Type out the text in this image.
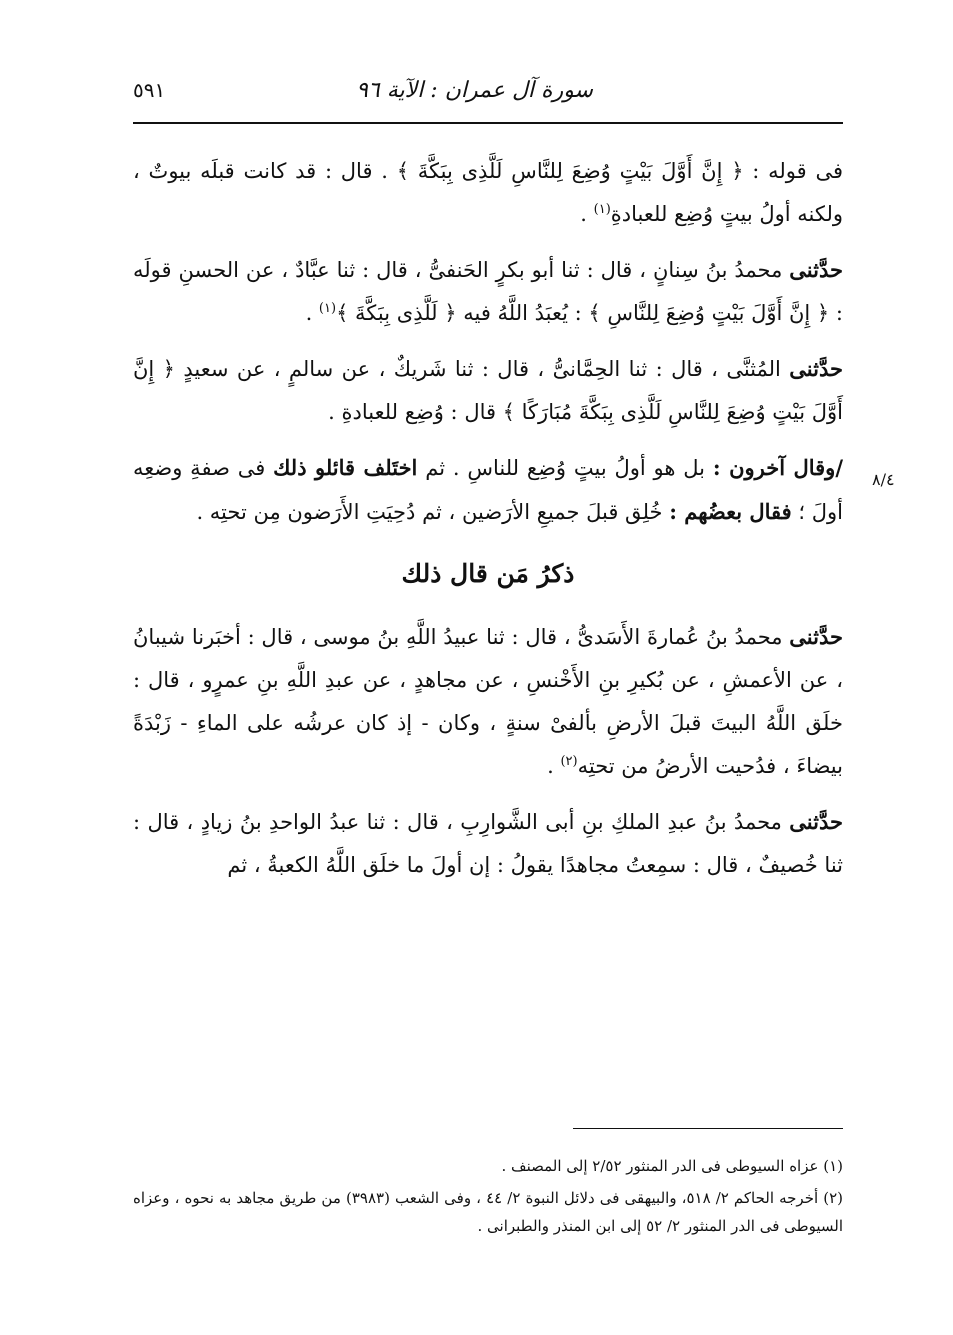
سورة آل عمران : الآية ٩٦
٥٩١
٨/٤

فى قوله : ﴿ إِنَّ أَوَّلَ بَيْتٍ وُضِعَ لِلنَّاسِ لَلَّذِى بِبَكَّةَ ﴾ . قال : قد كانت قبلَه بيوتٌ ، ولكنه أولُ بيتٍ وُضِع للعبادةِ$^{(١)}$ .

حدَّثنى محمدُ بنُ سِنانٍ ، قال : ثنا أبو بكرٍ الحَنفىُّ ، قال : ثنا عبَّادٌ ، عن الحسنِ قولَه : ﴿ إِنَّ أَوَّلَ بَيْتٍ وُضِعَ لِلنَّاسِ ﴾ : يُعبَدُ اللَّهُ فيه ﴿ لَلَّذِى بِبَكَّةَ ﴾$^{(١)}$ .

حدَّثنى المُثنَّى ، قال : ثنا الحِمَّانىُّ ، قال : ثنا شَريكٌ ، عن سالمٍ ، عن سعيدٍ ﴿ إِنَّ أَوَّلَ بَيْتٍ وُضِعَ لِلنَّاسِ لَلَّذِى بِبَكَّةَ مُبَارَكًا ﴾ قال : وُضِع للعبادةِ .

/وقال آخرون : بل هو أولُ بيتٍ وُضِع للناسِ . ثم اختَلف قائلو ذلك فى صفةِ وضعِه أولَ ؛ فقال بعضُهم : خُلِق قبلَ جميعِ الأرَضين ، ثم دُحِيَتِ الأَرَضون مِن تحتِه .

ذكرُ مَن قال ذلك

حدَّثنى محمدُ بنُ عُمارةَ الأَسَدىُّ ، قال : ثنا عبيدُ اللَّهِ بنُ موسى ، قال : أخبَرنا شيبانُ ، عن الأعمشِ ، عن بُكيرِ بنِ الأَخْنسِ ، عن مجاهدٍ ، عن عبدِ اللَّهِ بنِ عمرٍو ، قال : خلَق اللَّهُ البيتَ قبلَ الأرضِ بألفىْ سنةٍ ، وكان - إذ كان عرشُه على الماءِ - زَبْدَةً بيضاءَ ، فدُحيت الأرضُ من تحتِه$^{(٢)}$ .

حدَّثنى محمدُ بنُ عبدِ الملكِ بنِ أبى الشَّوارِبِ ، قال : ثنا عبدُ الواحدِ بنُ زيادٍ ، قال : ثنا خُصيفٌ ، قال : سمِعتُ مجاهدًا يقولُ : إن أولَ ما خلَق اللَّهُ الكعبةُ ، ثم

(١) عزاه السيوطى فى الدر المنثور ٢/٥٢ إلى المصنف .

(٢) أخرجه الحاكم ٢/ ٥١٨، والبيهقى فى دلائل النبوة ٢/ ٤٤ ، وفى الشعب (٣٩٨٣) من طريق مجاهد به نحوه ، وعزاه السيوطى فى الدر المنثور ٢/ ٥٢ إلى ابن المنذر والطبرانى .
